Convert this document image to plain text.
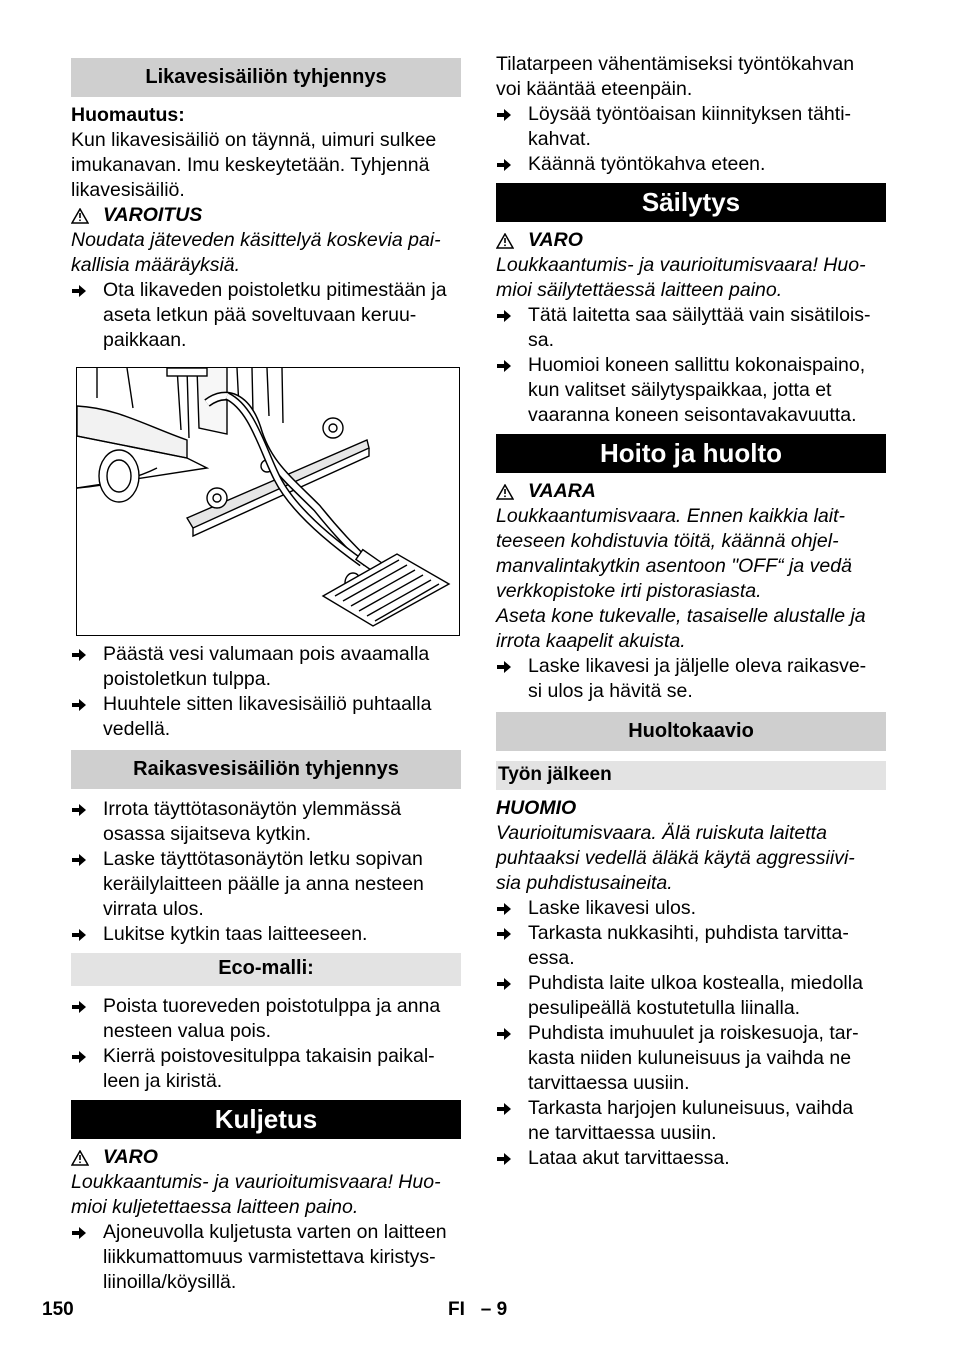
Likavesisäiliön tyhjennys

Huomautus:

Kun likavesisäiliö on täynnä, uimuri sulkee
imukanavan. Imu keskeytetään. Tyhjennä
likavesisäiliö.
VAROITUS
Noudata jäteveden käsittelyä koskevia pai-
kallisia määräyksiä.
Ota likaveden poistoletku pitimestään ja
aseta letkun pää soveltuvaan keruu-
paikkaan.
Päästä vesi valumaan pois avaamalla
poistoletkun tulppa.
Huuhtele sitten likavesisäiliö puhtaalla
vedellä.
Raikasvesisäiliön tyhjennys
Irrota täyttötasonäytön ylemmässä
osassa sijaitseva kytkin.
Laske täyttötasonäytön letku sopivan
keräilylaitteen päälle ja anna nesteen
virrata ulos.
Lukitse kytkin taas laitteeseen.
Eco-malli:
Poista tuoreveden poistotulppa ja anna
nesteen valua pois.
Kierrä poistovesitulppa takaisin paikal-
leen ja kiristä.
Kuljetus
VARO
Loukkaantumis- ja vaurioitumisvaara! Huo-
mioi kuljetettaessa laitteen paino.
Ajoneuvolla kuljetusta varten on laitteen
liikkumattomuus varmistettava kiristys-
liinoilla/köysillä.
Tilatarpeen vähentämiseksi työntökahvan
voi kääntää eteenpäin.
Löysää työntöaisan kiinnityksen tähti-
kahvat.
Käännä työntökahva eteen.
Säilytys
VARO
Loukkaantumis- ja vaurioitumisvaara! Huo-
mioi säilytettäessä laitteen paino.
Tätä laitetta saa säilyttää vain sisätilois-
sa.
Huomioi koneen sallittu kokonaispaino,
kun valitset säilytyspaikkaa, jotta et
vaaranna koneen seisontavakavuutta.
Hoito ja huolto
VAARA
Loukkaantumisvaara. Ennen kaikkia lait-
teeseen kohdistuvia töitä, käännä ohjel-
manvalintakytkin asentoon "OFF“ ja vedä
verkkopistoke irti pistorasiasta.
Aseta kone tukevalle, tasaiselle alustalle ja
irrota kaapelit akuista.
Laske likavesi ja jäljelle oleva raikasve-
si ulos ja hävitä se.
Huoltokaavio
Työn jälkeen

HUOMIO

Vaurioitumisvaara. Älä ruiskuta laitetta
puhtaaksi vedellä äläkä käytä aggressiivi-
sia puhdistusaineita.
Laske likavesi ulos.
Tarkasta nukkasihti, puhdista tarvitta-
essa.
Puhdista laite ulkoa kostealla, miedolla
pesulipeällä kostutetulla liinalla.
Puhdista imuhuulet ja roiskesuoja, tar-
kasta niiden kuluneisuus ja vaihda ne
tarvittaessa uusiin.
Tarkasta harjojen kuluneisuus, vaihda
ne tarvittaessa uusiin.
Lataa akut tarvittaessa.
150	FI   – 9
